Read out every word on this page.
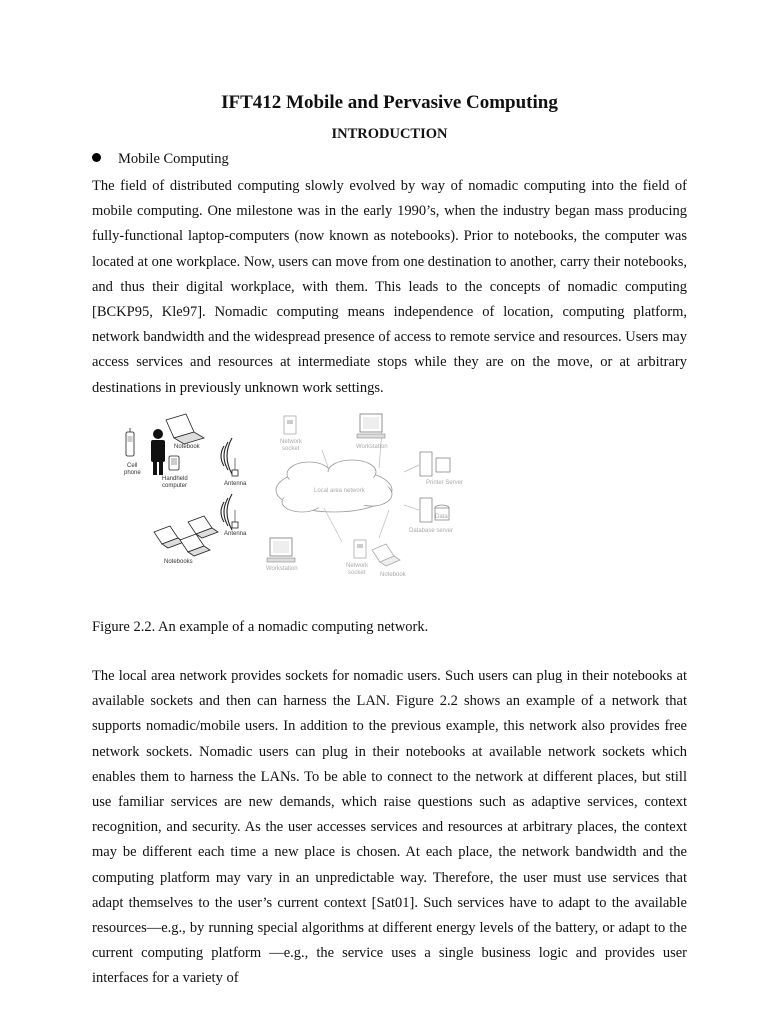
IFT412 Mobile and Pervasive Computing
INTRODUCTION
Mobile Computing

The field of distributed computing slowly evolved by way of nomadic computing into the field of mobile computing. One milestone was in the early 1990’s, when the industry began mass producing fully-functional laptop-computers (now known as notebooks). Prior to notebooks, the computer was located at one workplace. Now, users can move from one destination to another, carry their notebooks, and thus their digital workplace, with them. This leads to the concepts of nomadic computing [BCKP95, Kle97]. Nomadic computing means independence of location, computing platform, network bandwidth and the widespread presence of access to remote service and resources. Users may access services and resources at intermediate stops while they are on the move, or at arbitrary destinations in previously unknown work settings.

Figure 2.2. An example of a nomadic computing network.

The local area network provides sockets for nomadic users. Such users can plug in their notebooks at available sockets and then can harness the LAN. Figure 2.2 shows an example of a network that supports nomadic/mobile users. In addition to the previous example, this network also provides free network sockets. Nomadic users can plug in their notebooks at available network sockets which enables them to harness the LANs. To be able to connect to the network at different places, but still use familiar services are new demands, which raise questions such as adaptive services, context recognition, and security. As the user accesses services and resources at arbitrary places, the context may be different each time a new place is chosen. At each place, the network bandwidth and the computing platform may vary in an unpredictable way. Therefore, the user must use services that adapt themselves to the user’s current context [Sat01]. Such services have to adapt to the available resources—e.g., by running special algorithms at different energy levels of the battery, or adapt to the current computing platform —e.g., the service uses a single business logic and provides user interfaces for a variety of

Local area network
Cell
phone
Notebook
Handheld
computer	Antenna
Antenna
Notebooks
Network
socket	Workstation
Printer Server
Data
Database server
Workstation	Network
socket Notebook
